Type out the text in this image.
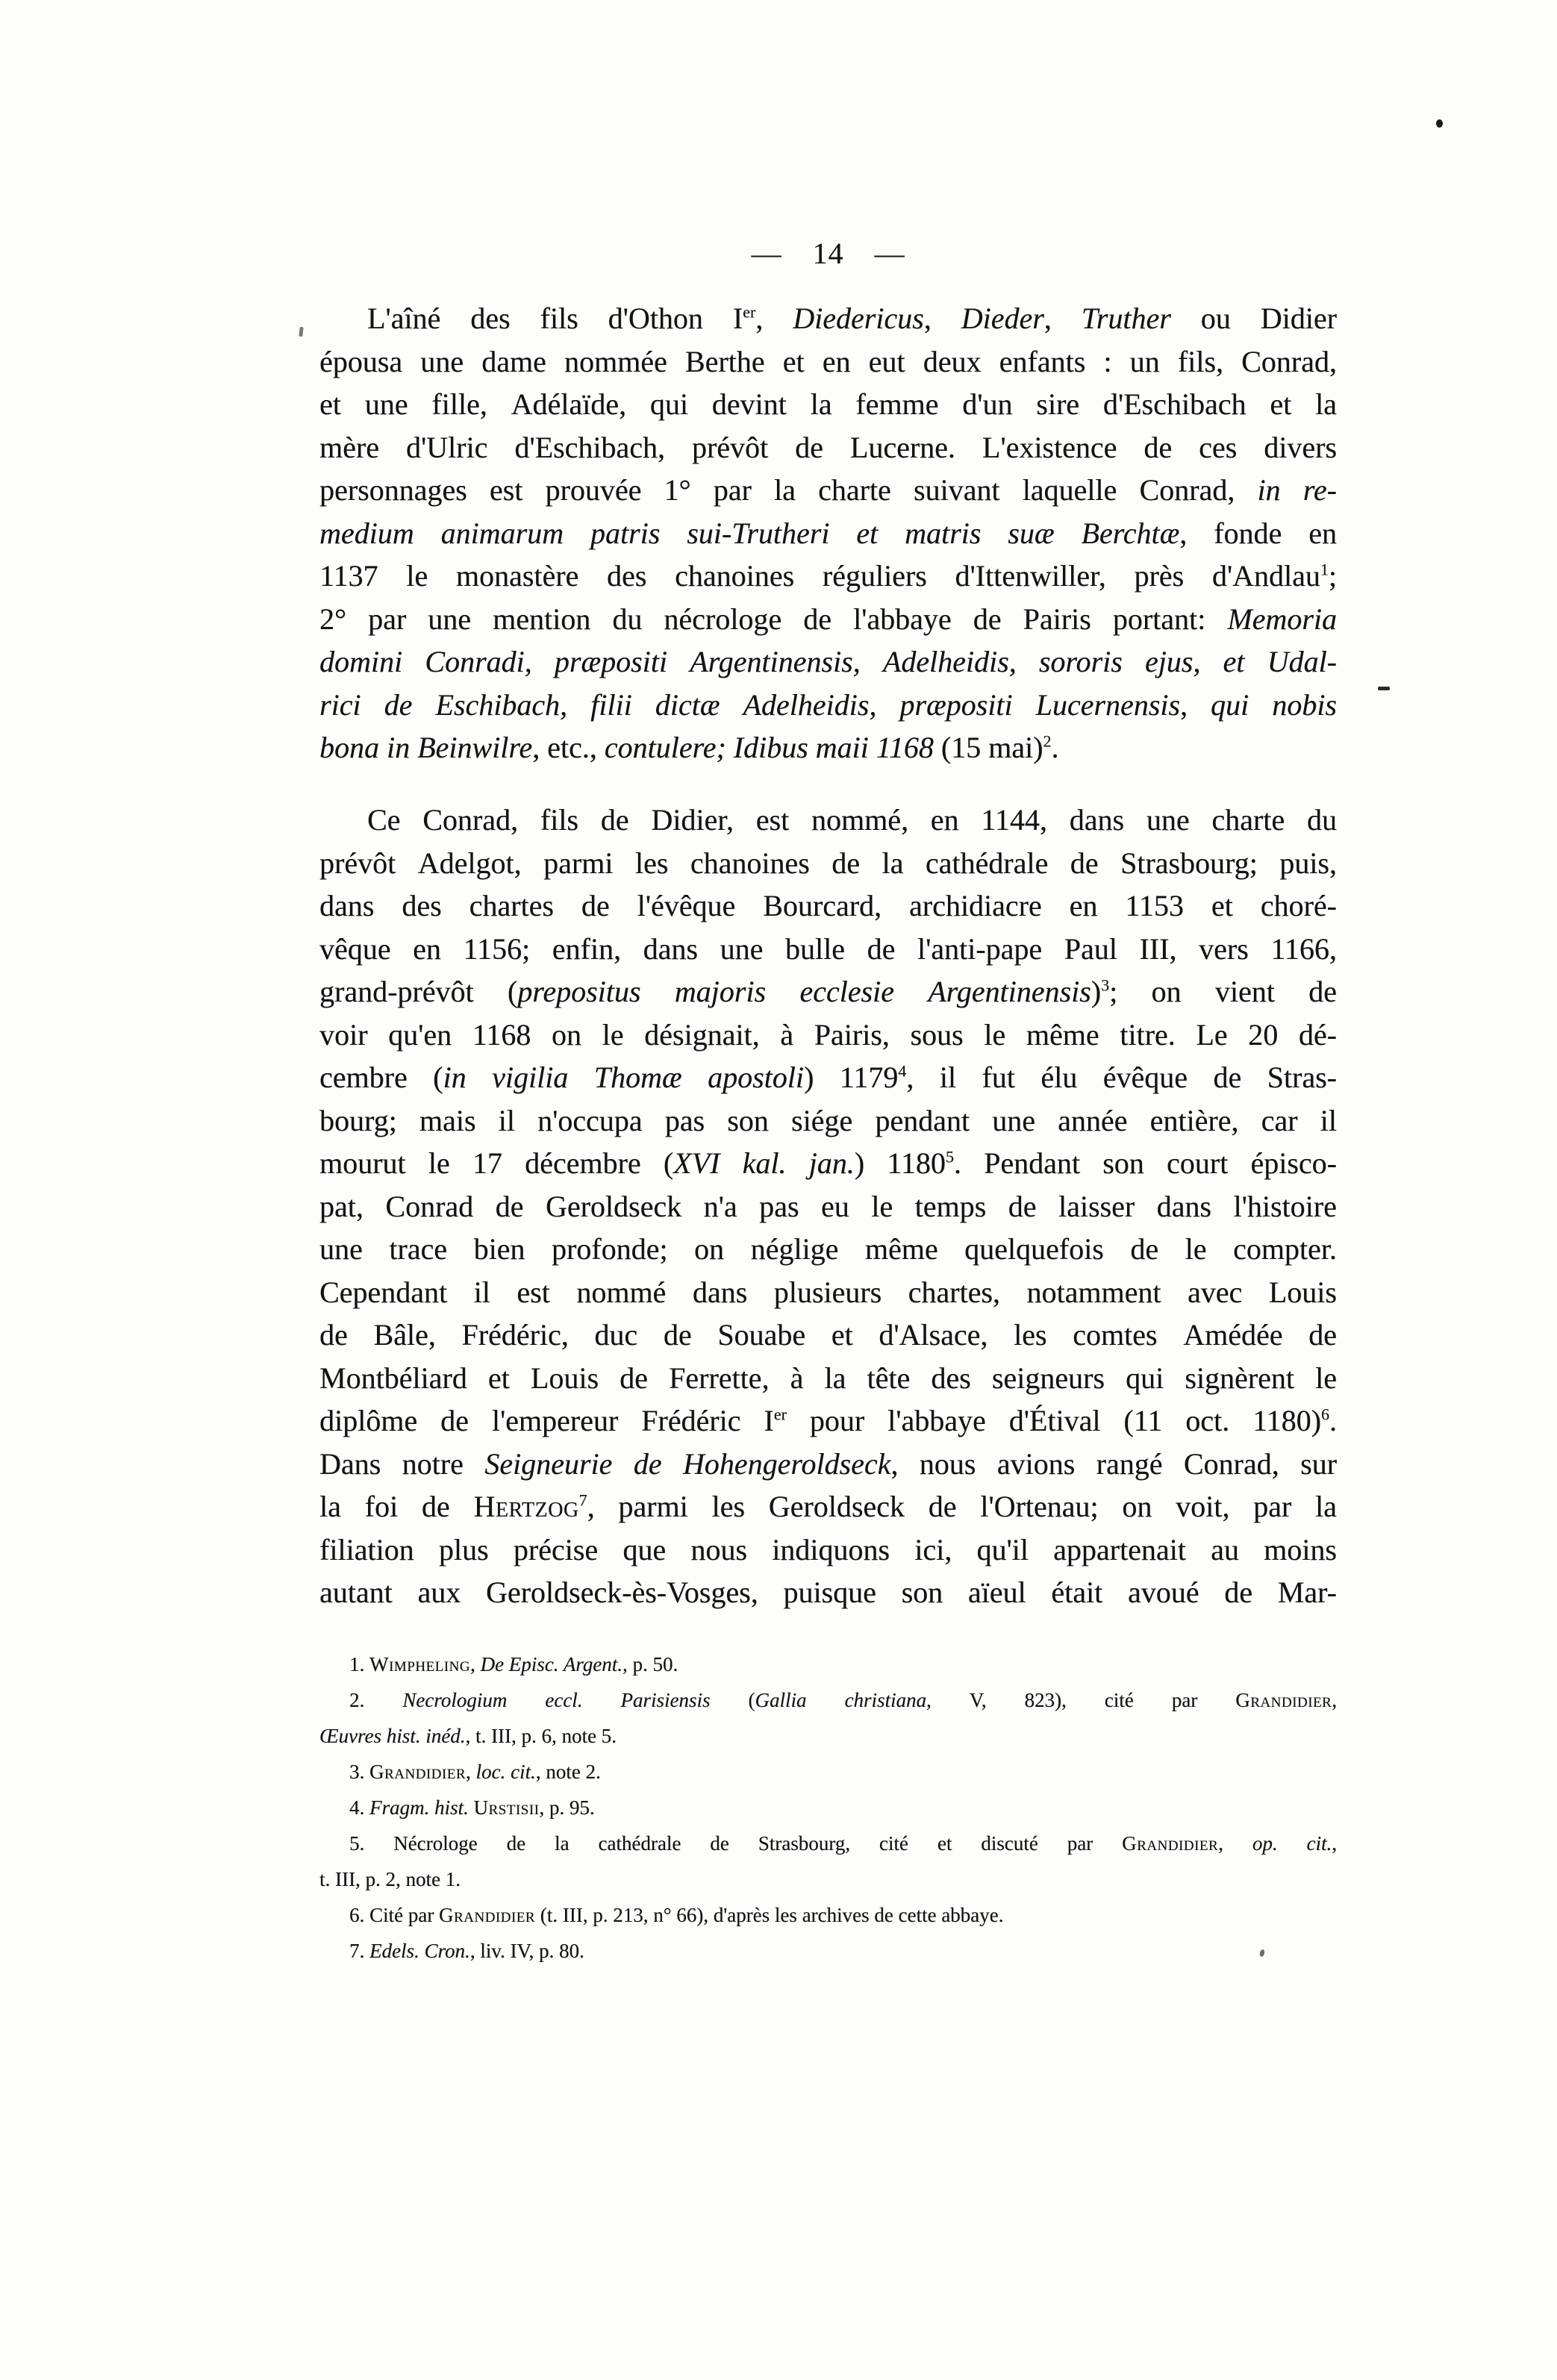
— 14 —
L'aîné des fils d'Othon Ier, Diedericus, Dieder, Truther ou Didier
épousa une dame nommée Berthe et en eut deux enfants : un fils, Conrad,
et une fille, Adélaïde, qui devint la femme d'un sire d'Eschibach et la
mère d'Ulric d'Eschibach, prévôt de Lucerne. L'existence de ces divers
personnages est prouvée 1° par la charte suivant laquelle Conrad, in re-
medium animarum patris sui-Trutheri et matris suæ Berchtæ, fonde en
1137 le monastère des chanoines réguliers d'Ittenwiller, près d'Andlau$^1$;
2° par une mention du nécrologe de l'abbaye de Pairis portant: Memoria
domini Conradi, præpositi Argentinensis, Adelheidis, sororis ejus, et Udal-
rici de Eschibach, filii dictæ Adelheidis, præpositi Lucernensis, qui nobis
bona in Beinwilre, etc., contulere; Idibus maii 1168 (15 mai)$^2$.
Ce Conrad, fils de Didier, est nommé, en 1144, dans une charte du
prévôt Adelgot, parmi les chanoines de la cathédrale de Strasbourg; puis,
dans des chartes de l'évêque Bourcard, archidiacre en 1153 et choré-
vêque en 1156; enfin, dans une bulle de l'anti-pape Paul III, vers 1166,
grand-prévôt (prepositus majoris ecclesie Argentinensis)$^3$; on vient de
voir qu'en 1168 on le désignait, à Pairis, sous le même titre. Le 20 dé-
cembre (in vigilia Thomæ apostoli) 1179$^4$, il fut élu évêque de Stras-
bourg; mais il n'occupa pas son siége pendant une année entière, car il
mourut le 17 décembre (XVI kal. jan.) 1180$^5$. Pendant son court épisco-
pat, Conrad de Geroldseck n'a pas eu le temps de laisser dans l'histoire
une trace bien profonde; on néglige même quelquefois de le compter.
Cependant il est nommé dans plusieurs chartes, notamment avec Louis
de Bâle, Frédéric, duc de Souabe et d'Alsace, les comtes Amédée de
Montbéliard et Louis de Ferrette, à la tête des seigneurs qui signèrent le
diplôme de l'empereur Frédéric Ier pour l'abbaye d'Étival (11 oct. 1180)$^6$.
Dans notre Seigneurie de Hohengeroldseck, nous avions rangé Conrad, sur
la foi de Hertzog$^7$, parmi les Geroldseck de l'Ortenau; on voit, par la
filiation plus précise que nous indiquons ici, qu'il appartenait au moins
autant aux Geroldseck-ès-Vosges, puisque son aïeul était avoué de Mar-
1. Wimpheling, De Episc. Argent., p. 50.
2. Necrologium eccl. Parisiensis (Gallia christiana, V, 823), cité par Grandidier,
Œuvres hist. inéd., t. III, p. 6, note 5.
3. Grandidier, loc. cit., note 2.
4. Fragm. hist. Urstisii, p. 95.
5. Nécrologe de la cathédrale de Strasbourg, cité et discuté par Grandidier, op. cit.,
t. III, p. 2, note 1.
6. Cité par Grandidier (t. III, p. 213, n° 66), d'après les archives de cette abbaye.
7. Edels. Cron., liv. IV, p. 80.
